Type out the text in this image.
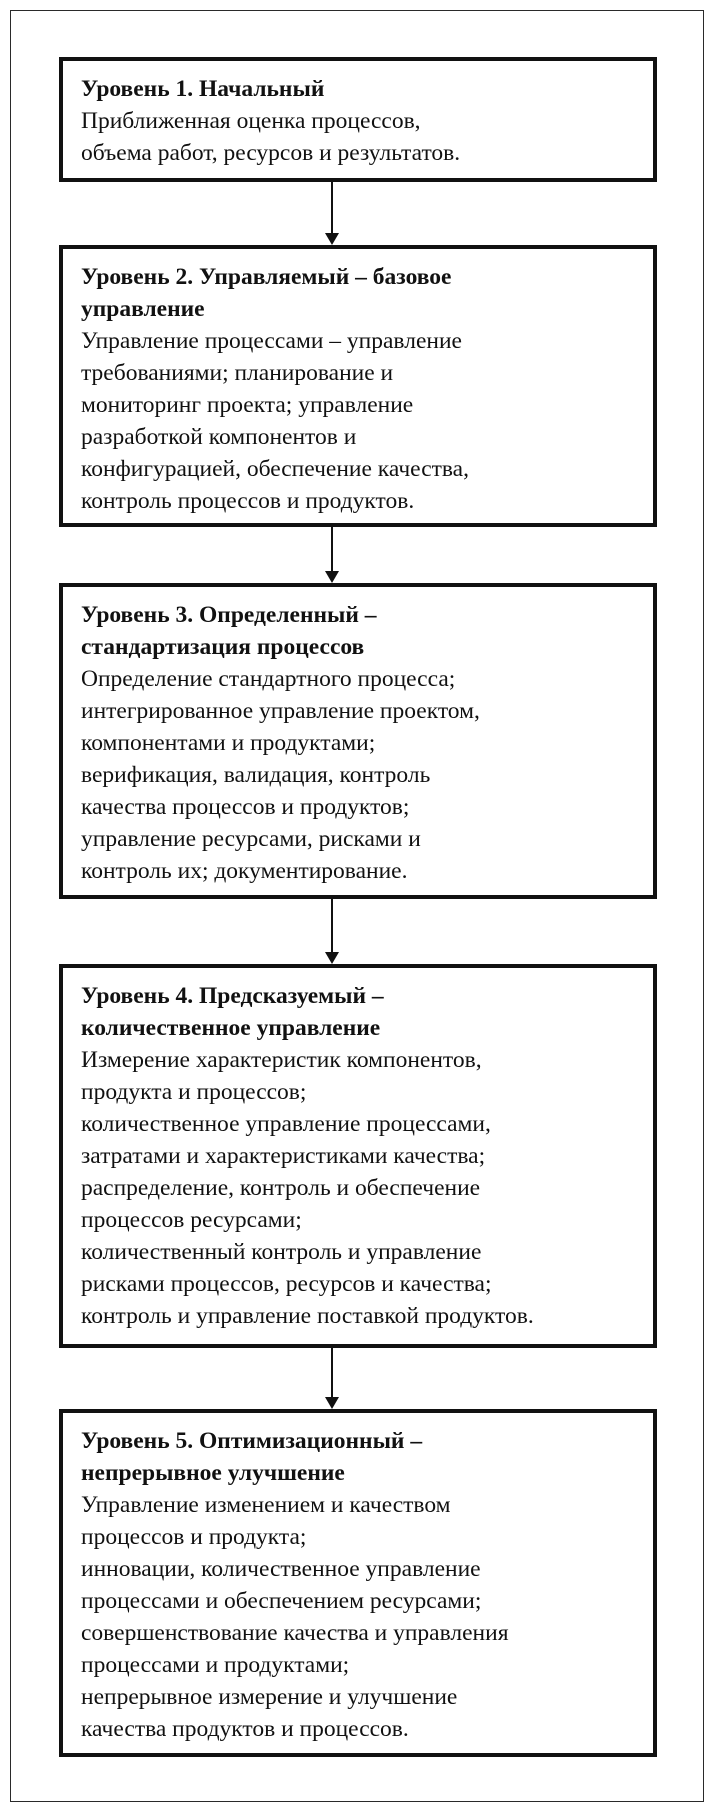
Уровень 1. Начальный
Приближенная оценка процессов,
объема работ, ресурсов и результатов.
Уровень 2. Управляемый – базовое
управление
Управление процессами – управление
требованиями; планирование и
мониторинг проекта; управление
разработкой компонентов и
конфигурацией, обеспечение качества,
контроль процессов и продуктов.
Уровень 3. Определенный –
стандартизация процессов
Определение стандартного процесса;
интегрированное управление проектом,
компонентами и продуктами;
верификация, валидация, контроль
качества процессов и продуктов;
управление ресурсами, рисками и
контроль их; документирование.
Уровень 4. Предсказуемый –
количественное управление
Измерение характеристик компонентов,
продукта и процессов;
количественное управление процессами,
затратами и характеристиками качества;
распределение, контроль и обеспечение
процессов ресурсами;
количественный контроль и управление
рисками процессов, ресурсов и качества;
контроль и управление поставкой продуктов.
Уровень 5. Оптимизационный –
непрерывное улучшение
Управление изменением и качеством
процессов и продукта;
инновации, количественное управление
процессами и обеспечением ресурсами;
совершенствование качества и управления
процессами и продуктами;
непрерывное измерение и улучшение
качества продуктов и процессов.
